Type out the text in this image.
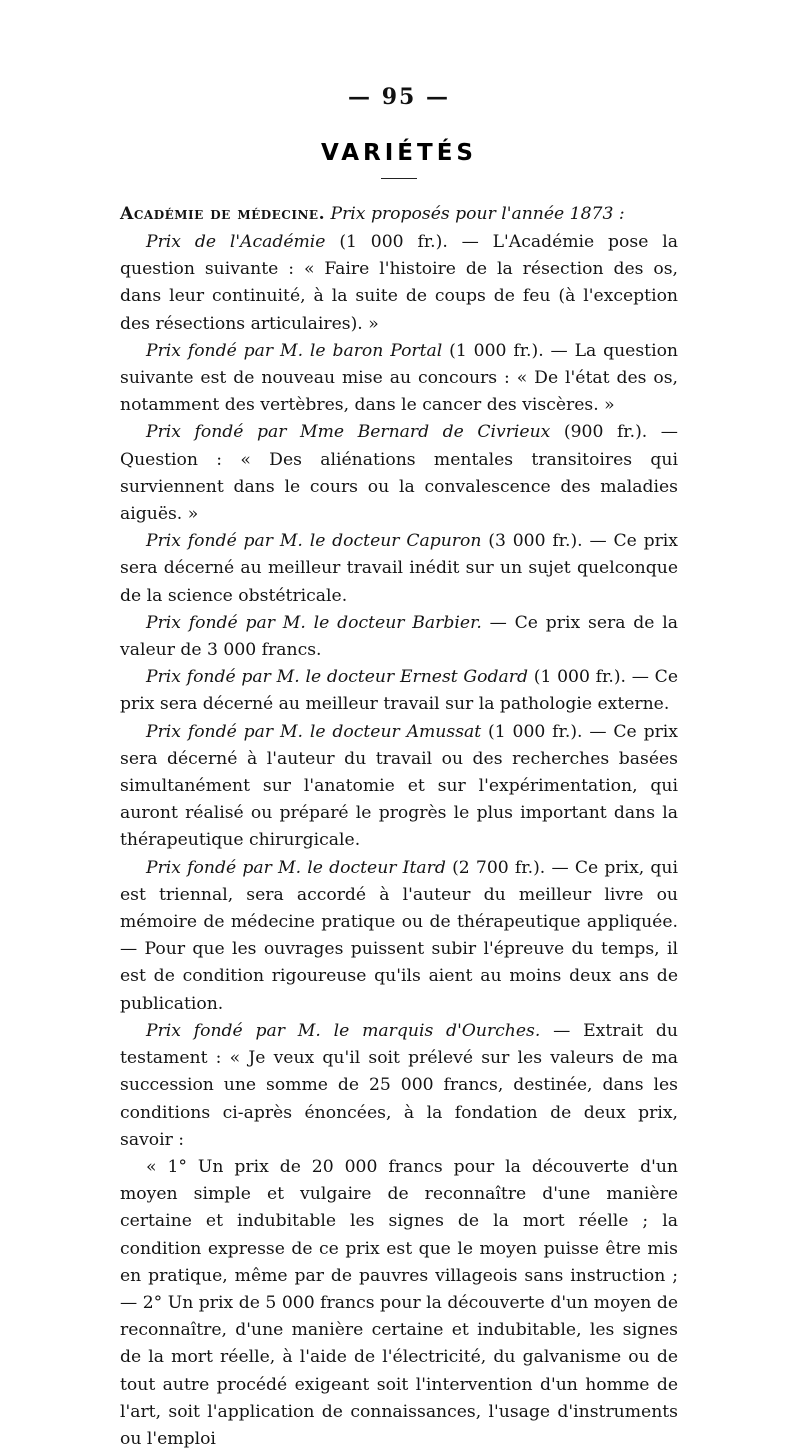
— 95 —
VARIÉTÉS

Académie de médecine. Prix proposés pour l'année 1873 :

Prix de l'Académie (1 000 fr.). — L'Académie pose la question suivante : « Faire l'histoire de la résection des os, dans leur continuité, à la suite de coups de feu (à l'exception des résections articulaires). »

Prix fondé par M. le baron Portal (1 000 fr.). — La question suivante est de nouveau mise au concours : « De l'état des os, notamment des vertèbres, dans le cancer des viscères. »

Prix fondé par Mme Bernard de Civrieux (900 fr.). — Question : « Des aliénations mentales transitoires qui surviennent dans le cours ou la convalescence des maladies aiguës. »

Prix fondé par M. le docteur Capuron (3 000 fr.). — Ce prix sera décerné au meilleur travail inédit sur un sujet quelconque de la science obstétricale.

Prix fondé par M. le docteur Barbier. — Ce prix sera de la valeur de 3 000 francs.

Prix fondé par M. le docteur Ernest Godard (1 000 fr.). — Ce prix sera décerné au meilleur travail sur la pathologie externe.

Prix fondé par M. le docteur Amussat (1 000 fr.). — Ce prix sera décerné à l'auteur du travail ou des recherches basées simultanément sur l'anatomie et sur l'expérimentation, qui auront réalisé ou préparé le progrès le plus important dans la thérapeutique chirurgicale.

Prix fondé par M. le docteur Itard (2 700 fr.). — Ce prix, qui est triennal, sera accordé à l'auteur du meilleur livre ou mémoire de médecine pratique ou de thérapeutique appliquée. — Pour que les ouvrages puissent subir l'épreuve du temps, il est de condition rigoureuse qu'ils aient au moins deux ans de publication.

Prix fondé par M. le marquis d'Ourches. — Extrait du testament : « Je veux qu'il soit prélevé sur les valeurs de ma succession une somme de 25 000 francs, destinée, dans les conditions ci-après énoncées, à la fondation de deux prix, savoir :

« 1° Un prix de 20 000 francs pour la découverte d'un moyen simple et vulgaire de reconnaître d'une manière certaine et indubitable les signes de la mort réelle ; la condition expresse de ce prix est que le moyen puisse être mis en pratique, même par de pauvres villageois sans instruction ; — 2° Un prix de 5 000 francs pour la découverte d'un moyen de reconnaître, d'une manière certaine et indubitable, les signes de la mort réelle, à l'aide de l'électricité, du galvanisme ou de tout autre procédé exigeant soit l'intervention d'un homme de l'art, soit l'application de connaissances, l'usage d'instruments ou l'emploi
